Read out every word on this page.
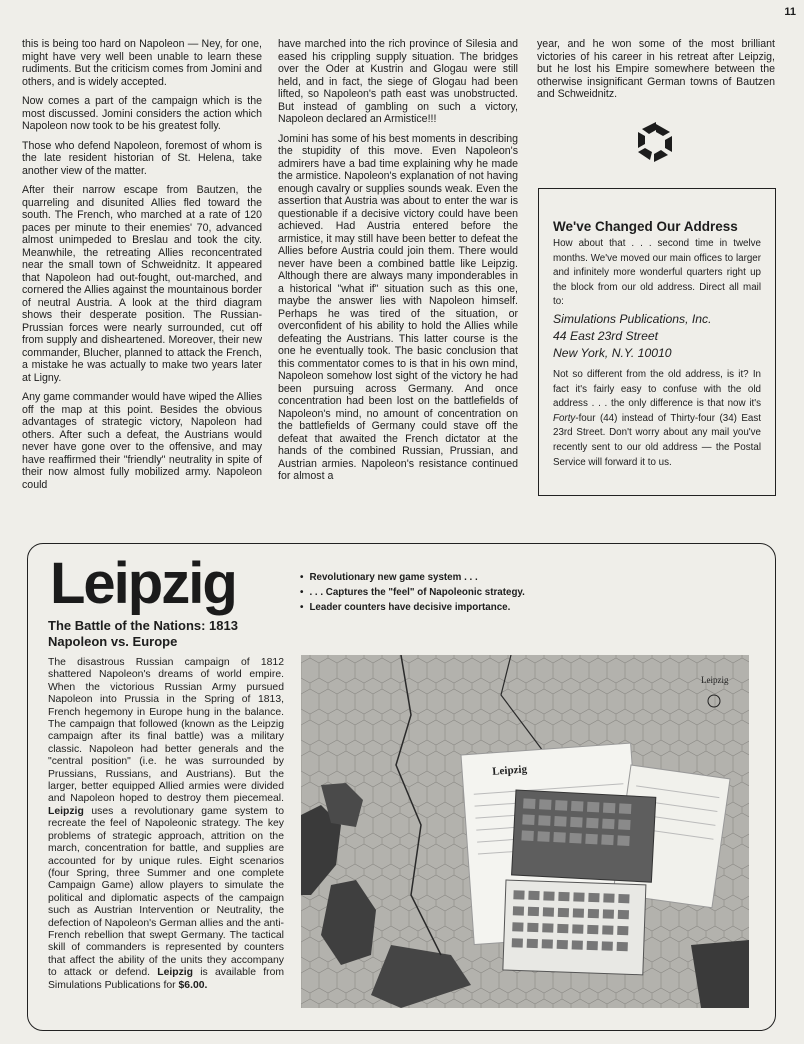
11

this is being too hard on Napoleon — Ney, for one, might have very well been unable to learn these rudiments. But the criticism comes from Jomini and others, and is widely accepted.

Now comes a part of the campaign which is the most discussed. Jomini considers the action which Napoleon now took to be his greatest folly.

Those who defend Napoleon, foremost of whom is the late resident historian of St. Helena, take another view of the matter.

After their narrow escape from Bautzen, the quarreling and disunited Allies fled toward the south. The French, who marched at a rate of 120 paces per minute to their enemies' 70, advanced almost unimpeded to Breslau and took the city. Meanwhile, the retreating Allies reconcentrated near the small town of Schweidnitz. It appeared that Napoleon had out-fought, out-marched, and cornered the Allies against the mountainous border of neutral Austria. A look at the third diagram shows their desperate position. The Russian-Prussian forces were nearly surrounded, cut off from supply and disheartened. Moreover, their new commander, Blucher, planned to attack the French, a mistake he was actually to make two years later at Ligny.

Any game commander would have wiped the Allies off the map at this point. Besides the obvious advantages of strategic victory, Napoleon had others. After such a defeat, the Austrians would never have gone over to the offensive, and may have reaffirmed their "friendly" neutrality in spite of their now almost fully mobilized army. Napoleon could

have marched into the rich province of Silesia and eased his crippling supply situation. The bridges over the Oder at Kustrin and Glogau were still held, and in fact, the siege of Glogau had been lifted, so Napoleon's path east was unobstructed. But instead of gambling on such a victory, Napoleon declared an Armistice!!!

Jomini has some of his best moments in describing the stupidity of this move. Even Napoleon's admirers have a bad time explaining why he made the armistice. Napoleon's explanation of not having enough cavalry or supplies sounds weak. Even the assertion that Austria was about to enter the war is questionable if a decisive victory could have been achieved. Had Austria entered before the armistice, it may still have been better to defeat the Allies before Austria could join them. There would never have been a combined battle like Leipzig. Although there are always many imponderables in a historical "what if" situation such as this one, maybe the answer lies with Napoleon himself. Perhaps he was tired of the situation, or overconfident of his ability to hold the Allies while defeating the Austrians. This latter course is the one he eventually took. The basic conclusion that this commentator comes to is that in his own mind, Napoleon somehow lost sight of the victory he had been pursuing across Germany. And once concentration had been lost on the battlefields of Napoleon's mind, no amount of concentration on the battlefields of Germany could stave off the defeat that awaited the French dictator at the hands of the combined Russian, Prussian, and Austrian armies. Napoleon's resistance continued for almost a

year, and he won some of the most brilliant victories of his career in his retreat after Leipzig, but he lost his Empire somewhere between the otherwise insignificant German towns of Bautzen and Schweidnitz.

We've Changed Our Address

How about that . . . second time in twelve months. We've moved our main offices to larger and infinitely more wonderful quarters right up the block from our old address. Direct all mail to:

Simulations Publications, Inc.
44 East 23rd Street
New York, N.Y. 10010

Not so different from the old address, is it? In fact it's fairly easy to confuse with the old address . . . the only difference is that now it's Forty-four (44) instead of Thirty-four (34) East 23rd Street. Don't worry about any mail you've recently sent to our old address — the Postal Service will forward it to us.

Leipzig
•	Revolutionary new game system . . .
• . . . Captures the "feel" of Napoleonic strategy.
• Leader counters have decisive importance.
The Battle of the Nations: 1813
Napoleon vs. Europe
The disastrous Russian campaign of 1812 shattered Napoleon's dreams of world empire. When the victorious Russian Army pursued Napoleon into Prussia in the Spring of 1813, French hegemony in Europe hung in the balance. The campaign that followed (known as the Leipzig campaign after its final battle) was a military classic. Napoleon had better generals and the "central position" (i.e. he was surrounded by Prussians, Russians, and Austrians). But the larger, better equipped Allied armies were divided and Napoleon hoped to destroy them piecemeal. Leipzig uses a revolutionary game system to recreate the feel of Napoleonic strategy. The key problems of strategic approach, attrition on the march, concentration for battle, and supplies are accounted for by unique rules. Eight scenarios (four Spring, three Summer and one complete Campaign Game) allow players to simulate the political and diplomatic aspects of the campaign such as Austrian Intervention or Neutrality, the defection of Napoleon's German allies and the anti-French rebellion that swept Germany. The tactical skill of commanders is represented by counters that affect the ability of the units they accompany to attack or defend. Leipzig is available from Simulations Publications for $6.00.
Leipzig
Leipzig
